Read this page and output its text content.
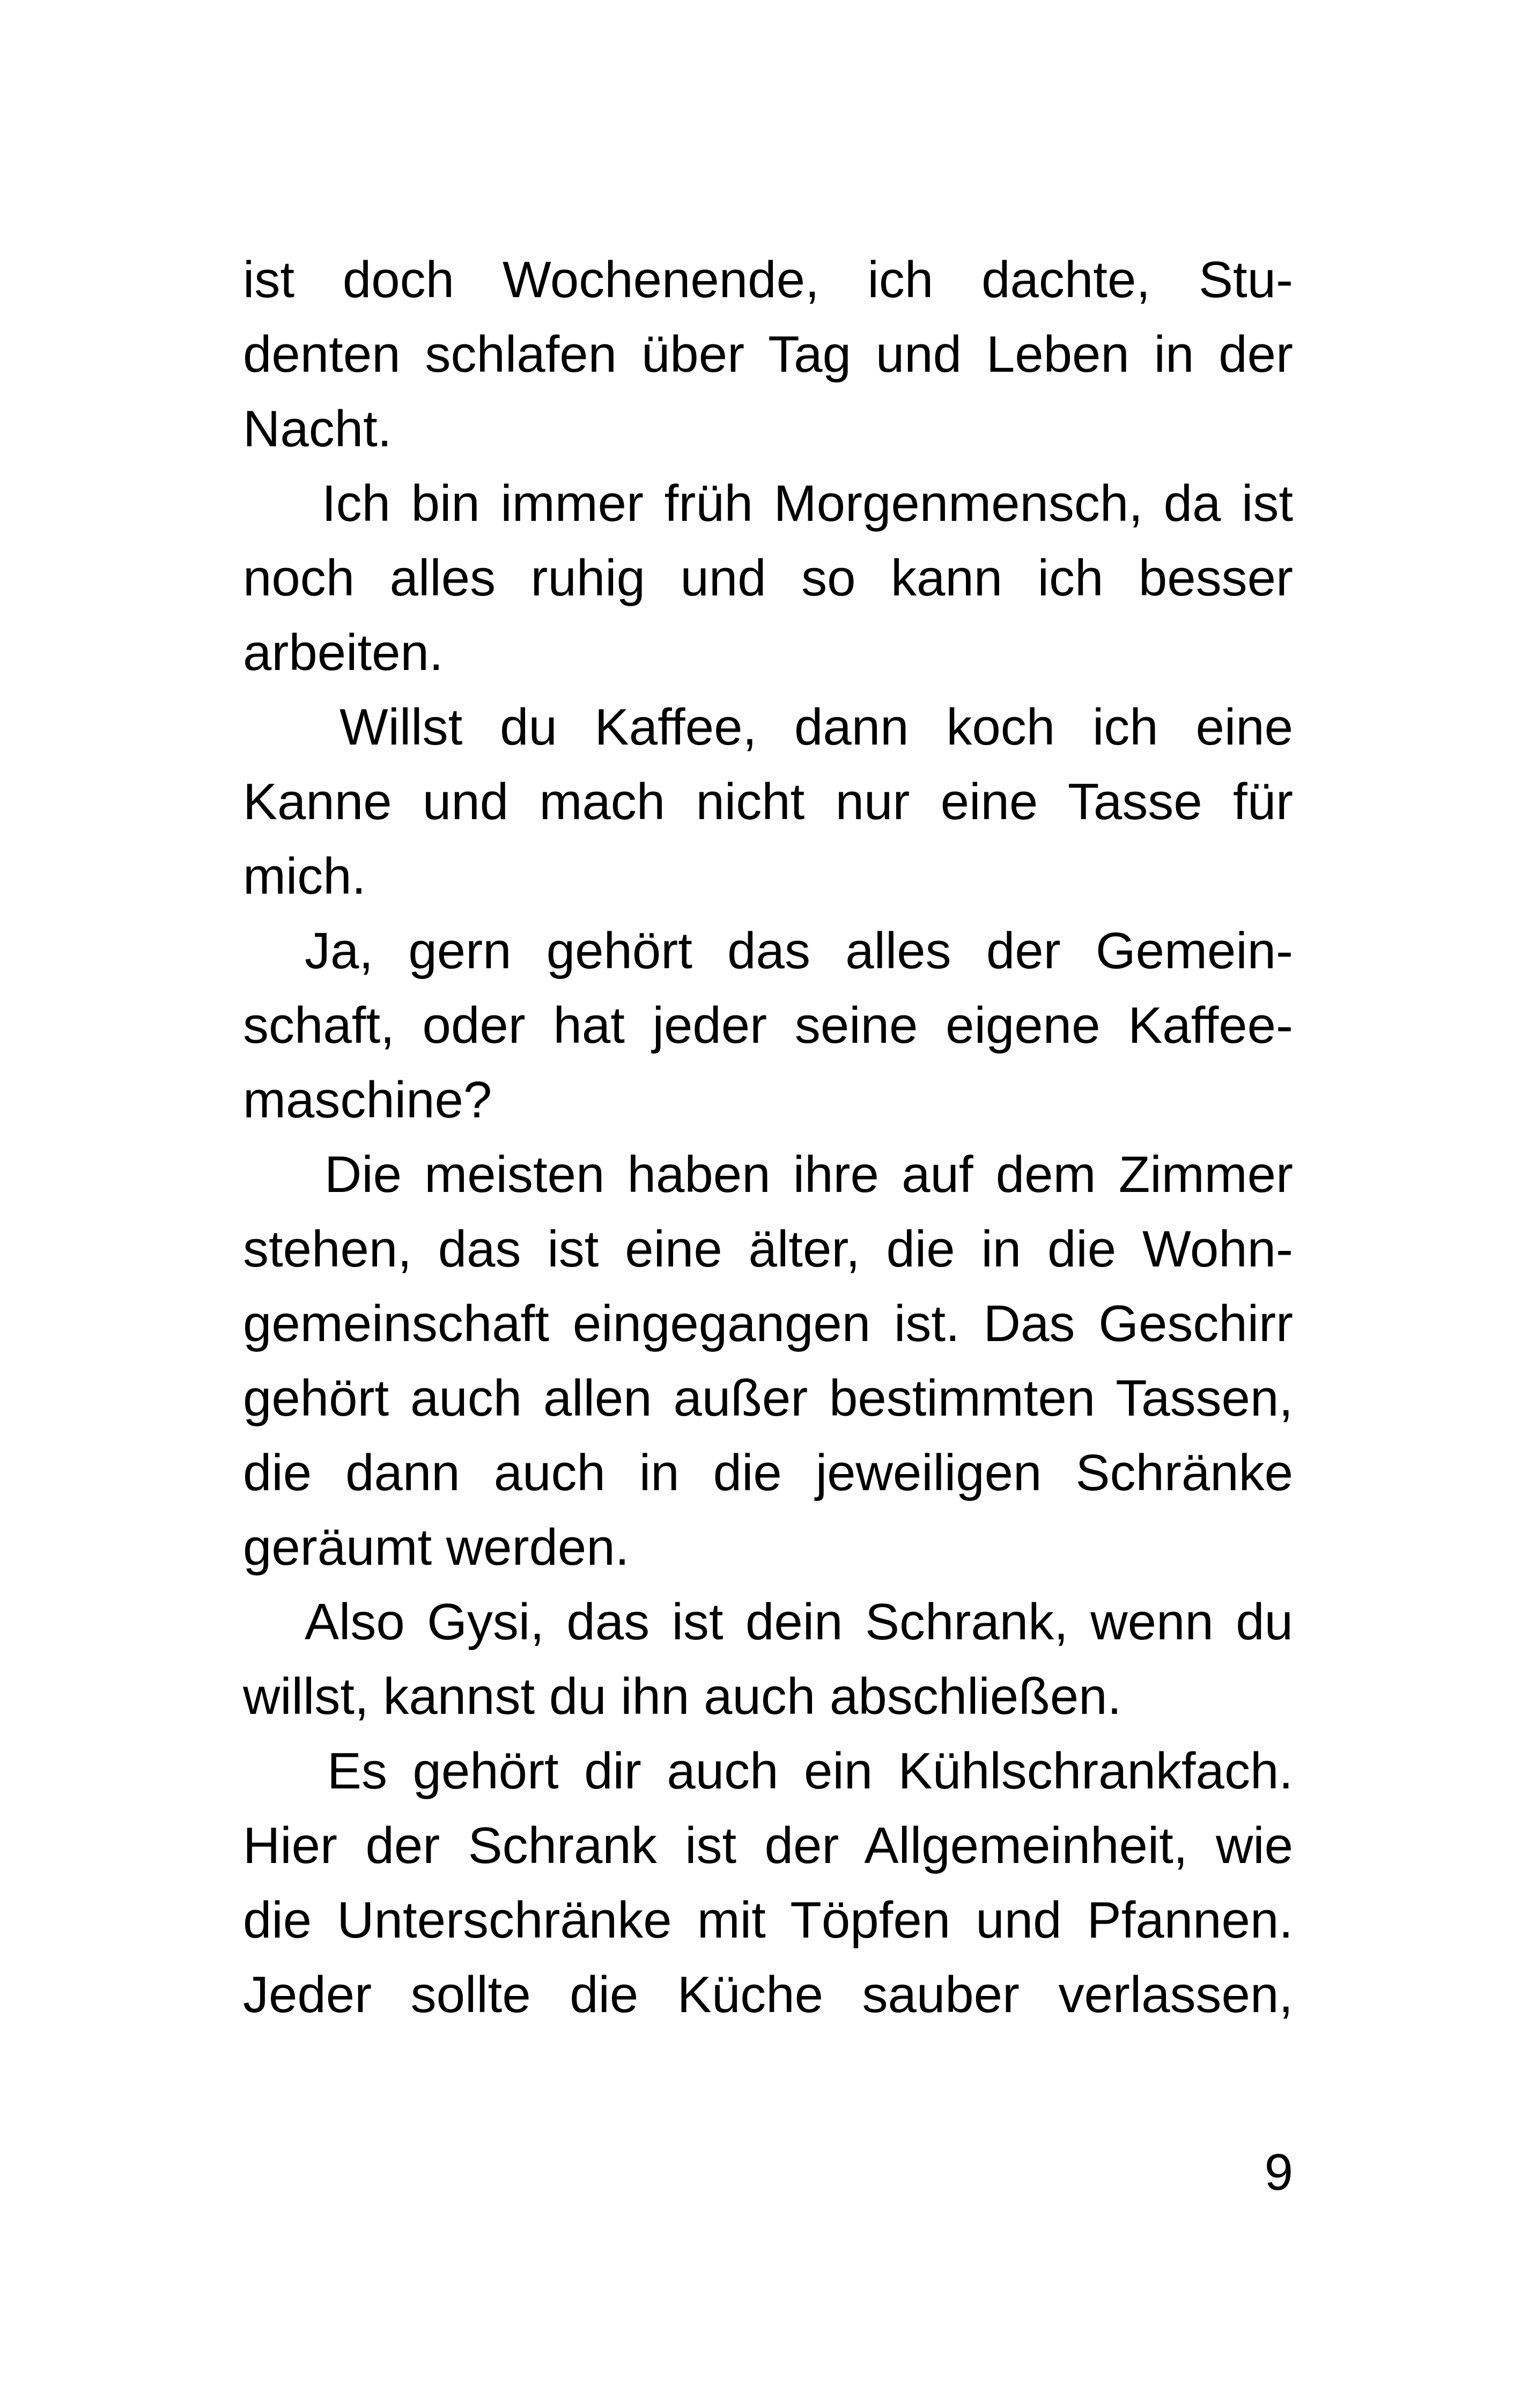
ist doch Wochenende, ich dachte, Stu-
denten schlafen über Tag und Leben in der
Nacht.
Ich bin immer früh Morgenmensch, da ist
noch alles ruhig und so kann ich besser
arbeiten.
Willst du Kaffee, dann koch ich eine
Kanne und mach nicht nur eine Tasse für
mich.
Ja, gern gehört das alles der Gemein-
schaft, oder hat jeder seine eigene Kaffee-
maschine?
Die meisten haben ihre auf dem Zimmer
stehen, das ist eine älter, die in die Wohn-
gemeinschaft eingegangen ist. Das Geschirr
gehört auch allen außer bestimmten Tassen,
die dann auch in die jeweiligen Schränke
geräumt werden.
Also Gysi, das ist dein Schrank, wenn du
willst, kannst du ihn auch abschließen.
Es gehört dir auch ein Kühlschrankfach.
Hier der Schrank ist der Allgemeinheit, wie
die Unterschränke mit Töpfen und Pfannen.
Jeder sollte die Küche sauber verlassen,
9
